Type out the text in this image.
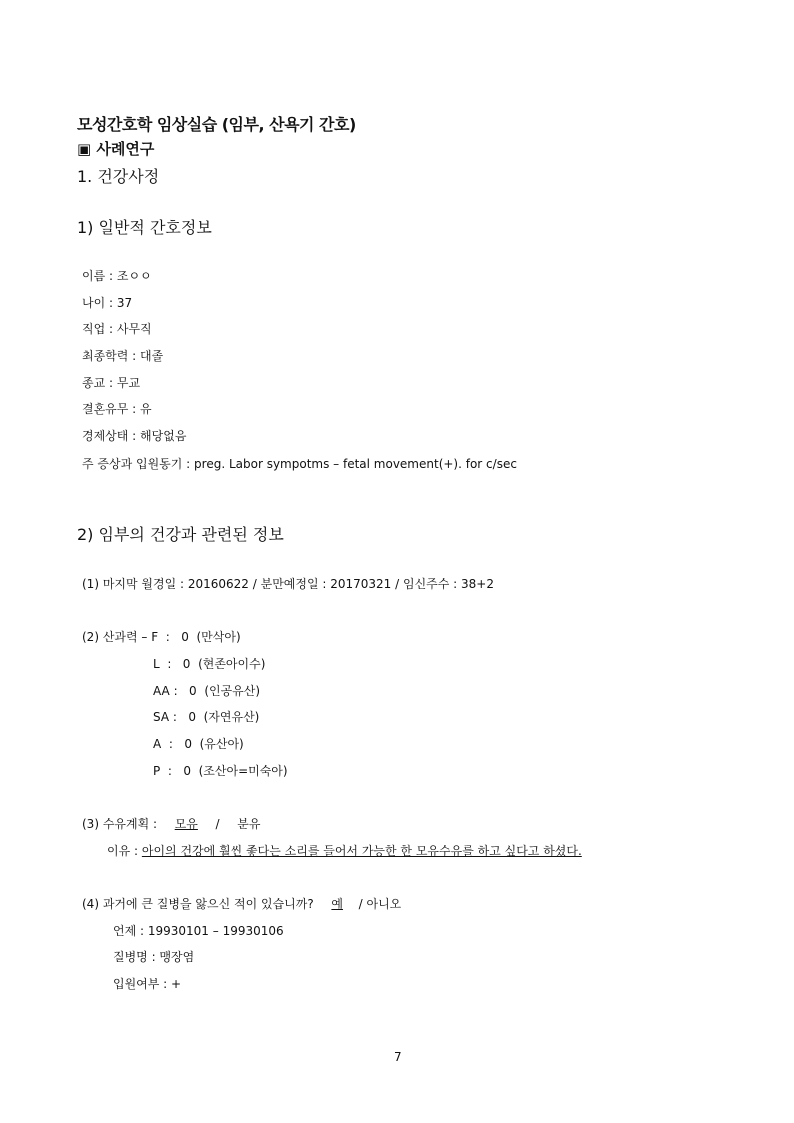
모성간호학 임상실습 (임부, 산욕기 간호)
▣ 사례연구
1. 건강사정
1) 일반적 간호정보
이름 : 조ㅇㅇ
나이 : 37
직업 : 사무직
최종학력 : 대졸
종교 : 무교
결혼유무 : 유
경제상태 : 해당없음
주 증상과 입원동기 : preg. Labor sympotms – fetal movement(+). for c/sec
2) 임부의 건강과 관련된 정보
(1) 마지막 월경일 : 20160622 / 분만예정일 : 20170321 / 임신주수 : 38+2
(2) 산과력 – F  :   0  (만삭아)
L  :   0  (현존아이수)
AA :   0  (인공유산)
SA :   0  (자연유산)
A  :   0  (유산아)
P  :   0  (조산아=미숙아)
(3) 수유계획 : 모유 / 분유
이유 : 아이의 건강에 훨씬 좋다는 소리를 들어서 가능한 한 모유수유를 하고 싶다고 하셨다.
(4) 과거에 큰 질병을 앓으신 적이 있습니까? 예 / 아니오
언제 : 19930101 – 19930106
질병명 : 맹장염
입원여부 : +
7
